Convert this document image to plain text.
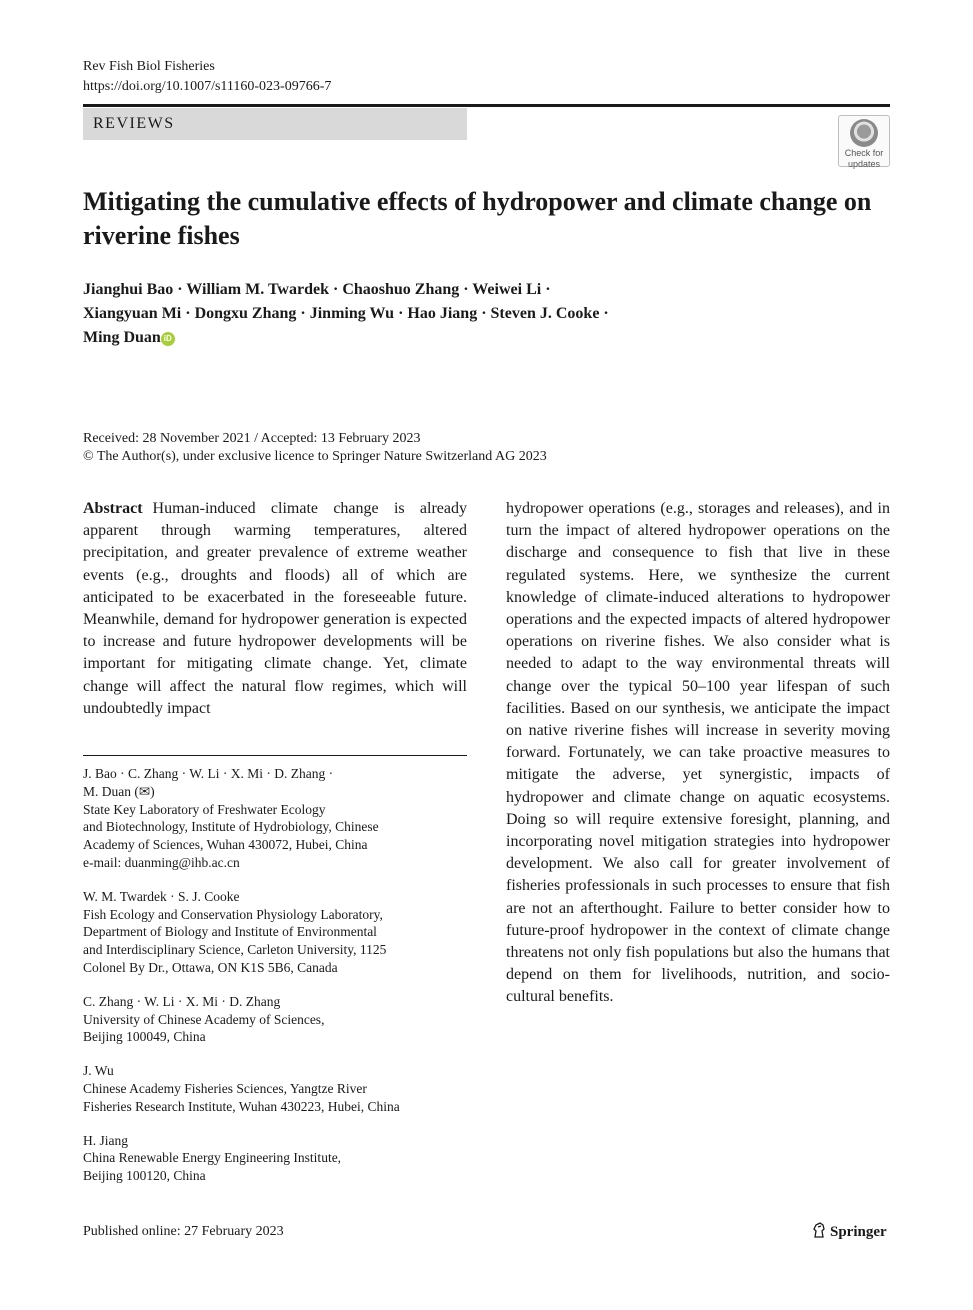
Rev Fish Biol Fisheries
https://doi.org/10.1007/s11160-023-09766-7
REVIEWS
Check for
updates
Mitigating the cumulative effects of hydropower and climate change on riverine fishes
Jianghui Bao · William M. Twardek · Chaoshuo Zhang · Weiwei Li ·
Xiangyuan Mi · Dongxu Zhang · Jinming Wu · Hao Jiang · Steven J. Cooke ·
Ming Duan iD
Received: 28 November 2021 / Accepted: 13 February 2023
© The Author(s), under exclusive licence to Springer Nature Switzerland AG 2023
Abstract Human-induced climate change is already apparent through warming temperatures, altered precipitation, and greater prevalence of extreme weather events (e.g., droughts and floods) all of which are anticipated to be exacerbated in the foreseeable future. Meanwhile, demand for hydropower generation is expected to increase and future hydropower developments will be important for mitigating climate change. Yet, climate change will affect the natural flow regimes, which will undoubtedly impact
hydropower operations (e.g., storages and releases), and in turn the impact of altered hydropower operations on the discharge and consequence to fish that live in these regulated systems. Here, we synthesize the current knowledge of climate-induced alterations to hydropower operations and the expected impacts of altered hydropower operations on riverine fishes. We also consider what is needed to adapt to the way environmental threats will change over the typical 50–100 year lifespan of such facilities. Based on our synthesis, we anticipate the impact on native riverine fishes will increase in severity moving forward. Fortunately, we can take proactive measures to mitigate the adverse, yet synergistic, impacts of hydropower and climate change on aquatic ecosystems. Doing so will require extensive foresight, planning, and incorporating novel mitigation strategies into hydropower development. We also call for greater involvement of fisheries professionals in such processes to ensure that fish are not an afterthought. Failure to better consider how to future-proof hydropower in the context of climate change threatens not only fish populations but also the humans that depend on them for livelihoods, nutrition, and socio-cultural benefits.
J. Bao · C. Zhang · W. Li · X. Mi · D. Zhang ·
M. Duan (✉)
State Key Laboratory of Freshwater Ecology
and Biotechnology, Institute of Hydrobiology, Chinese
Academy of Sciences, Wuhan 430072, Hubei, China
e-mail: duanming@ihb.ac.cn
W. M. Twardek · S. J. Cooke
Fish Ecology and Conservation Physiology Laboratory,
Department of Biology and Institute of Environmental
and Interdisciplinary Science, Carleton University, 1125
Colonel By Dr., Ottawa, ON K1S 5B6, Canada
C. Zhang · W. Li · X. Mi · D. Zhang
University of Chinese Academy of Sciences,
Beijing 100049, China
J. Wu
Chinese Academy Fisheries Sciences, Yangtze River
Fisheries Research Institute, Wuhan 430223, Hubei, China
H. Jiang
China Renewable Energy Engineering Institute,
Beijing 100120, China
Published online: 27 February 2023	Springer
